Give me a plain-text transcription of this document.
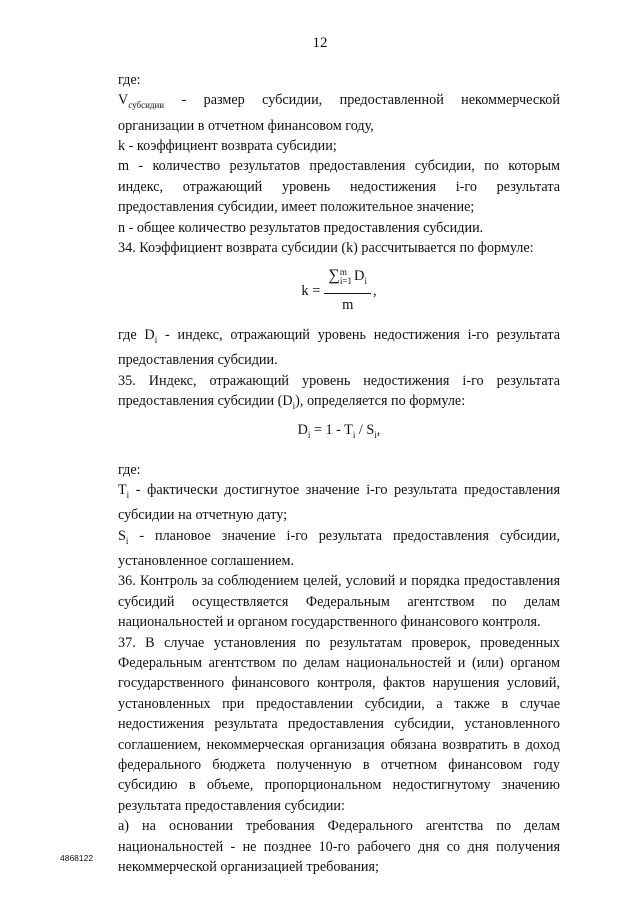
12

где:

$V_{субсидии}$ - размер субсидии, предоставленной некоммерческой организации в отчетном финансовом году,

k - коэффициент возврата субсидии;

m - количество результатов предоставления субсидии, по которым индекс, отражающий уровень недостижения i-го результата предоставления субсидии, имеет положительное значение;

n - общее количество результатов предоставления субсидии.

34. Коэффициент возврата субсидии (k) рассчитывается по формуле:

k = ∑ m
i=1 $D_i$
m ,

где $D_i$ - индекс, отражающий уровень недостижения i-го результата предоставления субсидии.

35. Индекс, отражающий уровень недостижения i-го результата предоставления субсидии $(D_i)$, определяется по формуле:

$D_i = 1 - T_i / S_i$,

где:

$T_i$ - фактически достигнутое значение i-го результата предоставления субсидии на отчетную дату;

$S_i$ - плановое значение i-го результата предоставления субсидии, установленное соглашением.

36. Контроль за соблюдением целей, условий и порядка предоставления субсидий осуществляется Федеральным агентством по делам национальностей и органом государственного финансового контроля.

37. В случае установления по результатам проверок, проведенных Федеральным агентством по делам национальностей и (или) органом государственного финансового контроля, фактов нарушения условий, установленных при предоставлении субсидии, а также в случае недостижения результата предоставления субсидии, установленного соглашением, некоммерческая организация обязана возвратить в доход федерального бюджета полученную в отчетном финансовом году субсидию в объеме, пропорциональном недостигнутому значению результата предоставления субсидии:

а) на основании требования Федерального агентства по делам национальностей - не позднее 10-го рабочего дня со дня получения некоммерческой организацией требования;

4868122
